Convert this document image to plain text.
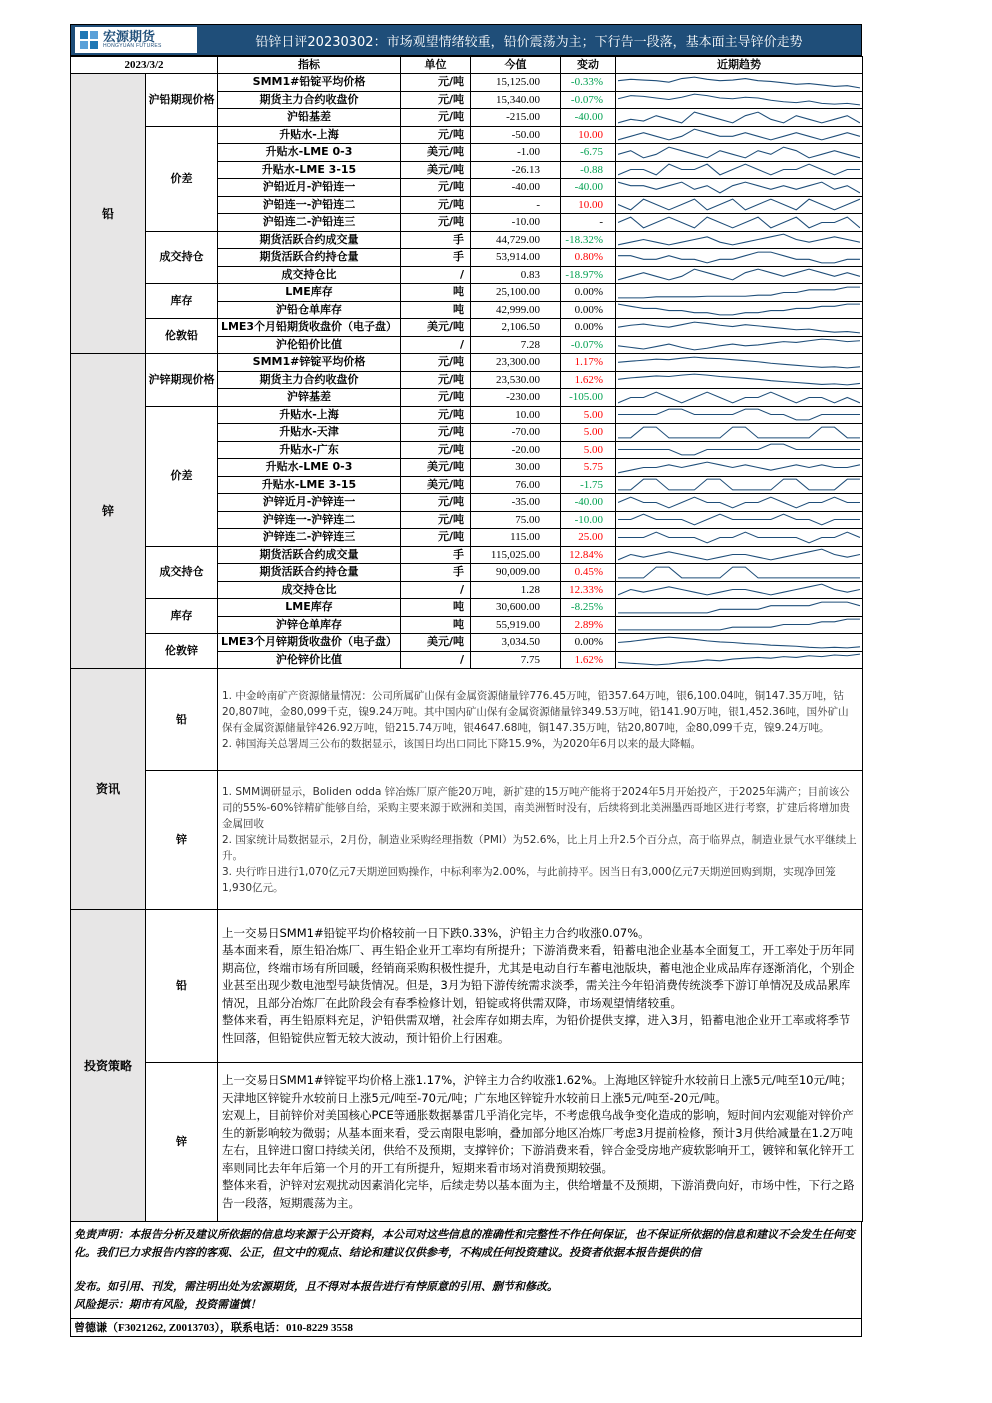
宏源期货
HONGYUAN FUTURES	铅锌日评20230302：市场观望情绪较重，铅价震荡为主；下行告一段落，基本面主导锌价走势
2023/3/2		指标	单位	今值	变动	近期趋势
铅	沪铅期现价格	SMM1#铅锭平均价格	元/吨	15,125.00	-0.33%	

		期货主力合约收盘价	元/吨	15,340.00	-0.07%	

		沪铅基差	元/吨	-215.00	-40.00	

	价差	升贴水-上海	元/吨	-50.00	10.00	

		升贴水-LME 0-3	美元/吨	-1.00	-6.75	

		升贴水-LME 3-15	美元/吨	-26.13	-0.88	

		沪铅近月-沪铅连一	元/吨	-40.00	-40.00	

		沪铅连一-沪铅连二	元/吨	-	10.00	

		沪铅连二-沪铅连三	元/吨	-10.00	-	

	成交持仓	期货活跃合约成交量	手	44,729.00	-18.32%	

		期货活跃合约持仓量	手	53,914.00	0.80%	

		成交持仓比	/	0.83	-18.97%	

	库存	LME库存	吨	25,100.00	0.00%	

		沪铅仓单库存	吨	42,999.00	0.00%	

	伦敦铅	LME3个月铅期货收盘价（电子盘）	美元/吨	2,106.50	0.00%	

		沪伦铅价比值	/	7.28	-0.07%	

锌	沪锌期现价格	SMM1#锌锭平均价格	元/吨	23,300.00	1.17%	

		期货主力合约收盘价	元/吨	23,530.00	1.62%	

		沪锌基差	元/吨	-230.00	-105.00	

	价差	升贴水-上海	元/吨	10.00	5.00	

		升贴水-天津	元/吨	-70.00	5.00	

		升贴水-广东	元/吨	-20.00	5.00	

		升贴水-LME 0-3	美元/吨	30.00	5.75	

		升贴水-LME 3-15	美元/吨	76.00	-1.75	

		沪锌近月-沪锌连一	元/吨	-35.00	-40.00	

		沪锌连一-沪锌连二	元/吨	75.00	-10.00	

		沪锌连二-沪锌连三	元/吨	115.00	25.00	

	成交持仓	期货活跃合约成交量	手	115,025.00	12.84%	

		期货活跃合约持仓量	手	90,009.00	0.45%	

		成交持仓比	/	1.28	12.33%	

	库存	LME库存	吨	30,600.00	-8.25%	

		沪锌仓单库存	吨	55,919.00	2.89%	

	伦敦锌	LME3个月锌期货收盘价（电子盘）	美元/吨	3,034.50	0.00%	

		沪伦锌价比值	/	7.75	1.62%	
资讯	铅	1. 中金岭南矿产资源储量情况：公司所属矿山保有金属资源储量锌776.45万吨，铅357.64万吨，银6,100.04吨，铜147.35万吨，钴20,807吨，金80,099千克，镍9.24万吨。其中国内矿山保有金属资源储量锌349.53万吨，铅141.90万吨，银1,452.36吨，国外矿山保有金属资源储量锌426.92万吨，铅215.74万吨，银4647.68吨，铜147.35万吨，钴20,807吨，金80,099千克，镍9.24万吨。

2. 韩国海关总署周三公布的数据显示，该国日均出口同比下降15.9%，为2020年6月以来的最大降幅。

	锌	1. SMM调研显示，Boliden odda 锌冶炼厂原产能20万吨，新扩建的15万吨产能将于2024年5月开始投产，于2025年满产；目前该公司的55%-60%锌精矿能够自给，采购主要来源于欧洲和美国，南美洲暂时没有，后续将到北美洲墨西哥地区进行考察，扩建后将增加贵金属回收

2. 国家统计局数据显示，2月份，制造业采购经理指数（PMI）为52.6%，比上月上升2.5个百分点，高于临界点，制造业景气水平继续上升。

3. 央行昨日进行1,070亿元7天期逆回购操作，中标利率为2.00%，与此前持平。因当日有3,000亿元7天期逆回购到期，实现净回笼1,930亿元。

投资策略	铅	上一交易日SMM1#铅锭平均价格较前一日下跌0.33%，沪铅主力合约收涨0.07%。

基本面来看，原生铅冶炼厂、再生铅企业开工率均有所提升；下游消费来看，铅蓄电池企业基本全面复工，开工率处于历年同期高位，终端市场有所回暖，经销商采购积极性提升，尤其是电动自行车蓄电池版块，蓄电池企业成品库存逐渐消化，个别企业甚至出现少数电池型号缺货情况。但是，3月为铅下游传统需求淡季，需关注今年铅消费传统淡季下游订单情况及成品累库情况，且部分冶炼厂在此阶段会有春季检修计划，铅锭或将供需双降，市场观望情绪较重。

整体来看，再生铅原料充足，沪铅供需双增，社会库存如期去库，为铅价提供支撑，进入3月，铅蓄电池企业开工率或将季节性回落，但铅锭供应暂无较大波动，预计铅价上行困难。

	锌	上一交易日SMM1#锌锭平均价格上涨1.17%，沪锌主力合约收涨1.62%。上海地区锌锭升水较前日上涨5元/吨至10元/吨；天津地区锌锭升水较前日上涨5元/吨至-70元/吨；广东地区锌锭升水较前日上涨5元/吨至-20元/吨。

宏观上，目前锌价对美国核心PCE等通胀数据暴雷几乎消化完毕，不考虑俄乌战争变化造成的影响，短时间内宏观能对锌价产生的新影响较为微弱；从基本面来看，受云南限电影响，叠加部分地区冶炼厂考虑3月提前检修，预计3月供给减量在1.2万吨左右，且锌进口窗口持续关闭，供给不及预期，支撑锌价；下游消费来看，锌合金受房地产疲软影响开工，镀锌和氧化锌开工率则同比去年年后第一个月的开工有所提升，短期来看市场对消费预期较强。

整体来看，沪锌对宏观扰动因素消化完毕，后续走势以基本面为主，供给增量不及预期，下游消费向好，市场中性，下行之路告一段落，短期震荡为主。

免责声明：本报告分析及建议所依据的信息均来源于公开资料，本公司对这些信息的准确性和完整性不作任何保证，也不保证所依据的信息和建议不会发生任何变化。我们已力求报告内容的客观、公正，但文中的观点、结论和建议仅供参考，不构成任何投资建议。投资者依据本报告提供的信

发布。如引用、刊发，需注明出处为宏源期货，且不得对本报告进行有悖原意的引用、删节和修改。

风险提示：期市有风险，投资需谨慎！

曾德谦（F3021262, Z0013703），联系电话：010-8229 3558
